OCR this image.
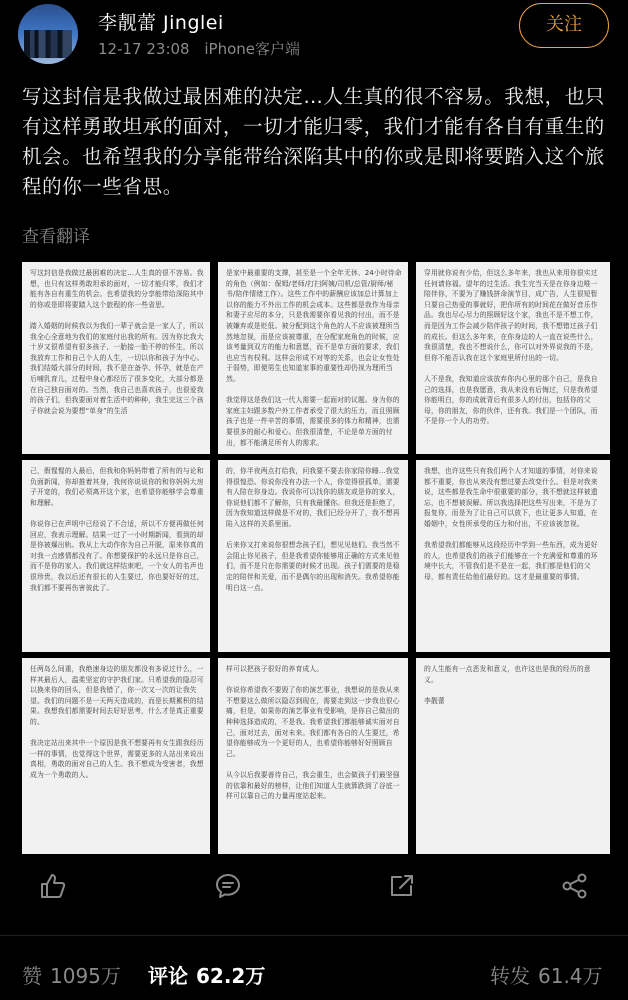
李靓蕾 Jinglei
12-17 23:08 iPhone客户端
关注
写这封信是我做过最困难的决定…人生真的很不容易。我想，也只有这样勇敢坦承的面对，一切才能归零，我们才能有各自有重生的机会。也希望我的分享能带给深陷其中的你或是即将要踏入这个旅程的你一些省思。
查看翻译

写这封信是我做过最困难的决定…人生真的很不容易。我想，也只有这样勇敢坦承的面对，一切才能归零，我们才能有各自有重生的机会。也希望我的分享能带给深陷其中的你或是即将要踏入这个旅程的你一些省思。

踏入婚姻的时候我以为我们一辈子就会是一家人了，所以我全心全意地为我们的家庭付出我的所有。因为你比我大十岁又很希望有很多孩子，一胎接一胎不停的怀生，所以我放弃工作和自己个人的人生，一切以你和孩子为中心。我们结婚大部分的时间，我不是在备孕、怀孕，就是在产后哺乳育儿，过程中身心都经历了很多变化，大部分都是在自己独自面对的。当然，我自己也喜欢孩子，也很爱我的孩子们，但我要面对着生活中的种种，我生完这三个孩子你就会说为要想“单身”的生活

是家中最重要的支撑，甚至是一个全年无休、24小时待命的角色（例如：保姆/老师/打扫阿姨/司机/总管/厨师/秘书/陪伴情绪工作）。这些工作中的薪酬应该加总计算加上以你的能力不外出工作的机会成本。这些都是我作为母亲和妻子应尽的本分，只是我需要你看见我的付出，而不是被嫌弃或是贬低。被分配到这个角色的人不应该被理所当然地忽视，而是应该被尊重，在分配家庭角色的时候，应该考量到双方的能力和意愿，而不是单方面的要求，我们也应当有权利。这样会形成不对等的关系，也会让女性处于弱势，即便男生也知道家事的重要性却仍视为理所当然。

我觉得这是我们这一代人需要一起面对的议题。身为你的家庭主妇跟多数户外工作者承受了很大的压力，而且照顾孩子也是一件辛苦的事情，需要很多的体力和精神，也需要很多的耐心和爱心。但我很清楚，不论是单方面的付出，都不能满足所有人的需求。

穿用就你说有少给，但这么多年来，我也从来用你很实过任何请你福。望年的过生活。我生完当天是在你身边唯一陪伴你，不要为了赚钱拼命演节目，成广告，人生很短暂只要自己热爱的事就好，把你所有的时间花在做好音乐作品。我也尽心尽力的照顾好这个家，我也不是不想工作，而是因为工作会减少陪伴孩子的时间，我不想错过孩子们的成长。但这么多年来，在你身边的人一直在说些什么，我很清楚，我也不想说什么，你可以对外界说我的不是，但你不能否认我在这个家庭里所付出的一切。

人不是我，我知道应该放弃你内心里的那个自己，是我自己的选择，也是我愿意，我从来没有后悔过，只是我希望你能明白，你的成就背后有很多人的付出，包括你的父母，你的朋友，你的伙伴，还有我。我们是一个团队，而不是你一个人的功劳。

己，假惺惺的人最后，但我和你妈妈带着了所有的与论和负面新闻，你却推着其身，我何你说说你的和你妈妈大房子开宽的，我们必须离开这个家，也希望你能够学会尊重和理解。

你说你已在声明中已经说了不合适，所以不方便再做任何回应，我表示理解。结果一过了一小时期新闻，看到的却是你被爆出轨。我从上大动作你为自己开脱，原来你真的对我一点感情都没有了。你想要保护的永远只是你自己，而不是你的家人。我们就这样结束吧，一个女人的名声也很珍贵，我以后还有很长的人生要过，你也要好好的过，我们都不要再伤害彼此了。

的，你半夜两点打给我，问我要不要去你家陪你睡…我觉得很惶恐。你说你没有办法一个人，你觉得很孤单，需要有人陪在你身边。我说你可以找你的朋友或是你的家人，你说他们都不了解你，只有我最懂你。但我还是拒绝了，因为我知道这样做是不对的，我们已经分开了，我不想再陷入这样的关系里面。

后来你又打来说你很想念孩子们，想见见他们。我当然不会阻止你见孩子，但是我希望你能够用正确的方式来见他们，而不是只在你需要的时候才出现。孩子们需要的是稳定的陪伴和关爱，而不是偶尔的出现和消失。我希望你能明白这一点。

我想，也许这些只有我们两个人才知道的事情，对你来说都不重要，你也从来没有想过要去改变什么。但是对我来说，这些都是我生命中很重要的部分，我不想就这样被遗忘，也不想被误解。所以我选择把这些写出来，不是为了报复你，而是为了让自己可以放下，也让更多人知道，在婚姻中，女性所承受的压力和付出，不应该被忽视。

我希望我们都能够从这段经历中学到一些东西，成为更好的人，也希望我们的孩子们能够在一个充满爱和尊重的环境中长大，不管我们是不是在一起，我们都是他们的父母，都有责任给他们最好的。这才是最重要的事情。

任两岛么间重，我绝速身边的朋友都没有多说过什么，一样其最后人，温柔坚定的守护我们家。只希望我的隐忍可以换来你的回头，但是我错了，你一次又一次的让我失望。我们的问题不是一天两天造成的，而是长期累积的结果。我想我们都需要时间去好好思考，什么才是真正重要的。

我决定站出来其中一个原因是我不想要再有女生跟我经历一样的事情，也觉得这个世界，需要更多的人站出来说出真相，勇敢的面对自己的人生。我不想成为受害者，我想成为一个勇敢的人。

样可以把孩子很好的养育成人。

你说你希望我不要毁了你的演艺事业，我想说的是我从来不想要这么做所以隐忍到现在，需要走到这一步我也很心痛，但是，如果你的演艺事业有受影响，是你自己做出的种种选择造成的，不是我。我希望我们都能够诚实面对自己，面对过去，面对未来。我们都有各自的人生要过，希望你能够成为一个更好的人，也希望你能够好好照顾自己。

从今以后我要善待自己，我会重生，也会做孩子们最坚强的依靠和最好的榜样，让他们知道人生就算跌到了谷底一样可以靠自己的力量再度站起来。

的人生能有一点恶发和意义，也许这也是我的经历的意义。

李靓蕾

赞 1095万 评论 62.2万	转发 61.4万
